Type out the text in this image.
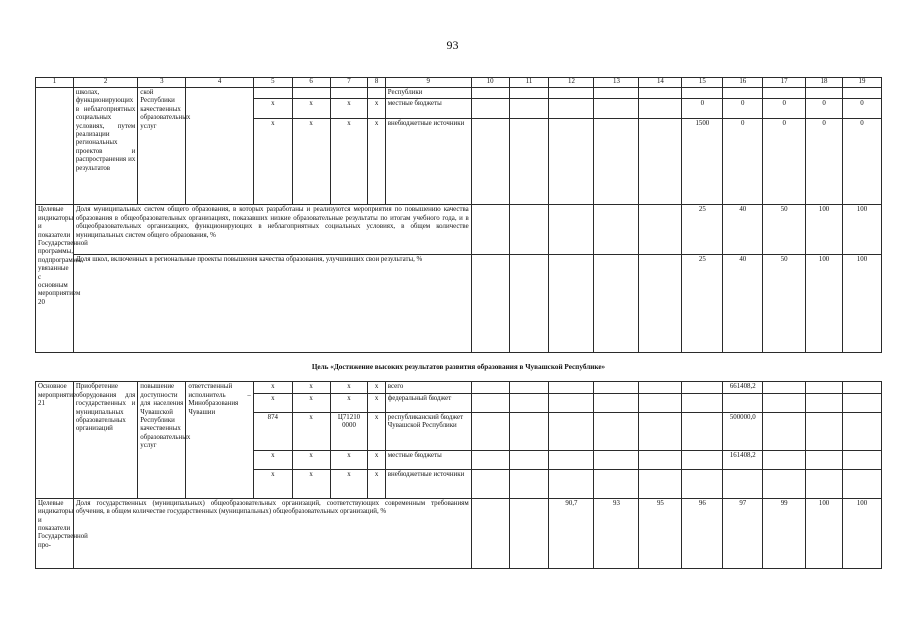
93
1	2	3	4	5	6	7	8	9	10	11	12	13	14	15	16	17	18	19
	школах, функционирующих в неблагоприятных социальных условиях, путем реализации региональных проектов и распространения их результатов	ской Республики качественных образовательных услуг						Республики										
				х	х	х	х	местные бюджеты						0	0	0	0	0
				х	х	х	х	внебюджетные источники						1500	0	0	0	0
Целевые индикаторы и показатели Государственной программы, подпрограммы, увязанные с основным мероприятием 20	Доля муниципальных систем общего образования, в которых разработаны и реализуются мероприятия по повышению качества образования в общеобразовательных организациях, показавших низкие образовательные результаты по итогам учебного года, и в общеобразовательных организациях, функционирующих в неблагоприятных социальных условиях, в общем количестве муниципальных систем общего образования, %													25	40	50	100	100
	Доля школ, включенных в региональные проекты повышения качества образования, улучшивших свои результаты, %													25	40	50	100	100
Цель «Достижение высоких результатов развития образования в Чувашской Республике»																		
Основное мероприятие 21	Приобретение оборудования для государственных и муниципальных образовательных организаций	повышение доступности для населения Чувашской Республики качественных образовательных услуг	ответственный исполнитель – Минобразования Чувашии	х	х	х	х	всего							661408,2			
				х	х	х	х	федеральный бюджет										
				874	х	Ц71210 0000	х	республиканский бюджет Чувашской Республики							500000,0			
				х	х	х	х	местные бюджеты							161408,2			
				х	х	х	х	внебюджетные источники										
Целевые индикаторы и показатели Государственной про-	Доля государственных (муниципальных) общеобразовательных организаций, соответствующих современным требованиям обучения, в общем количестве государственных (муниципальных) общеобразовательных организаций, %										90,7	93	95	96	97	99	100	100
